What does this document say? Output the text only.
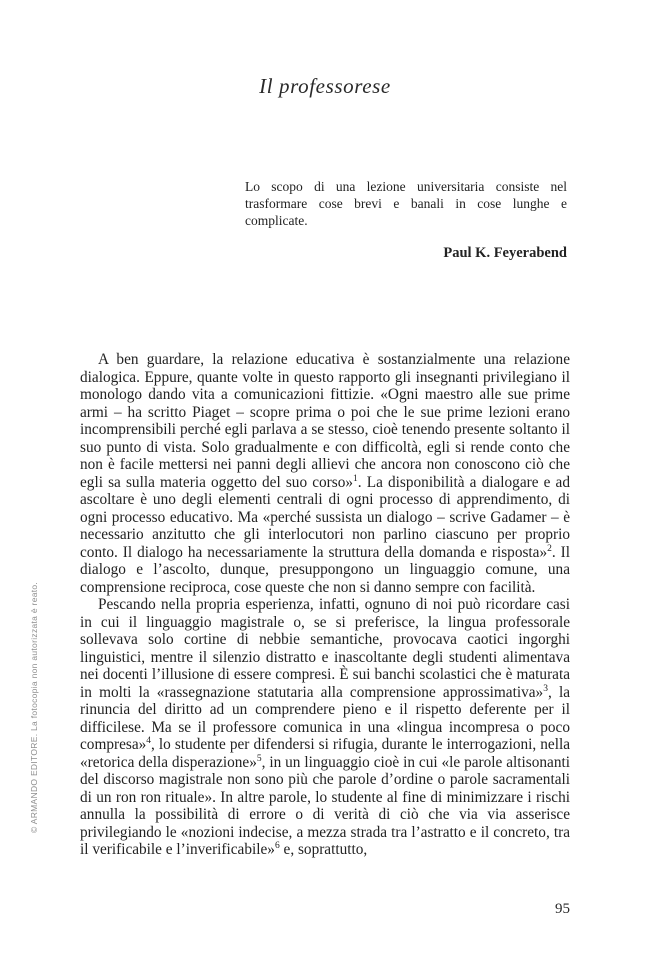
Il professorese

Lo scopo di una lezione universitaria consiste nel trasformare cose brevi e banali in cose lunghe e complicate.

Paul K. Feyerabend

A ben guardare, la relazione educativa è sostanzialmente una relazione dialogica. Eppure, quante volte in questo rapporto gli insegnanti privilegiano il monologo dando vita a comunicazioni fittizie. «Ogni maestro alle sue prime armi – ha scritto Piaget – scopre prima o poi che le sue prime lezioni erano incomprensibili perché egli parlava a se stesso, cioè tenendo presente soltanto il suo punto di vista. Solo gradualmente e con difficoltà, egli si rende conto che non è facile mettersi nei panni degli allievi che ancora non conoscono ciò che egli sa sulla materia oggetto del suo corso»$^1$. La disponibilità a dialogare e ad ascoltare è uno degli elementi centrali di ogni processo di apprendimento, di ogni processo educativo. Ma «perché sussista un dialogo – scrive Gadamer – è necessario anzitutto che gli interlocutori non parlino ciascuno per proprio conto. Il dialogo ha necessariamente la struttura della domanda e risposta»$^2$. Il dialogo e l’ascolto, dunque, presuppongono un linguaggio comune, una comprensione reciproca, cose queste che non si danno sempre con facilità.

Pescando nella propria esperienza, infatti, ognuno di noi può ricordare casi in cui il linguaggio magistrale o, se si preferisce, la lingua professorale sollevava solo cortine di nebbie semantiche, provocava caotici ingorghi linguistici, mentre il silenzio distratto e inascoltante degli studenti alimentava nei docenti l’illusione di essere compresi. È sui banchi scolastici che è maturata in molti la «rassegnazione statutaria alla comprensione approssimativa»$^3$, la rinuncia del diritto ad un comprendere pieno e il rispetto deferente per il difficilese. Ma se il professore comunica in una «lingua incompresa o poco compresa»$^4$, lo studente per difendersi si rifugia, durante le interrogazioni, nella «retorica della disperazione»$^5$, in un linguaggio cioè in cui «le parole altisonanti del discorso magistrale non sono più che parole d’ordine o parole sacramentali di un ron ron rituale». In altre parole, lo studente al fine di minimizzare i rischi annulla la possibilità di errore o di verità di ciò che via via asserisce privilegiando le «nozioni indecise, a mezza strada tra l’astratto e il concreto, tra il verificabile e l’inverificabile»$^6$ e, soprattutto,

© ARMANDO EDITORE. La fotocopia non autorizzata è reato.
95
